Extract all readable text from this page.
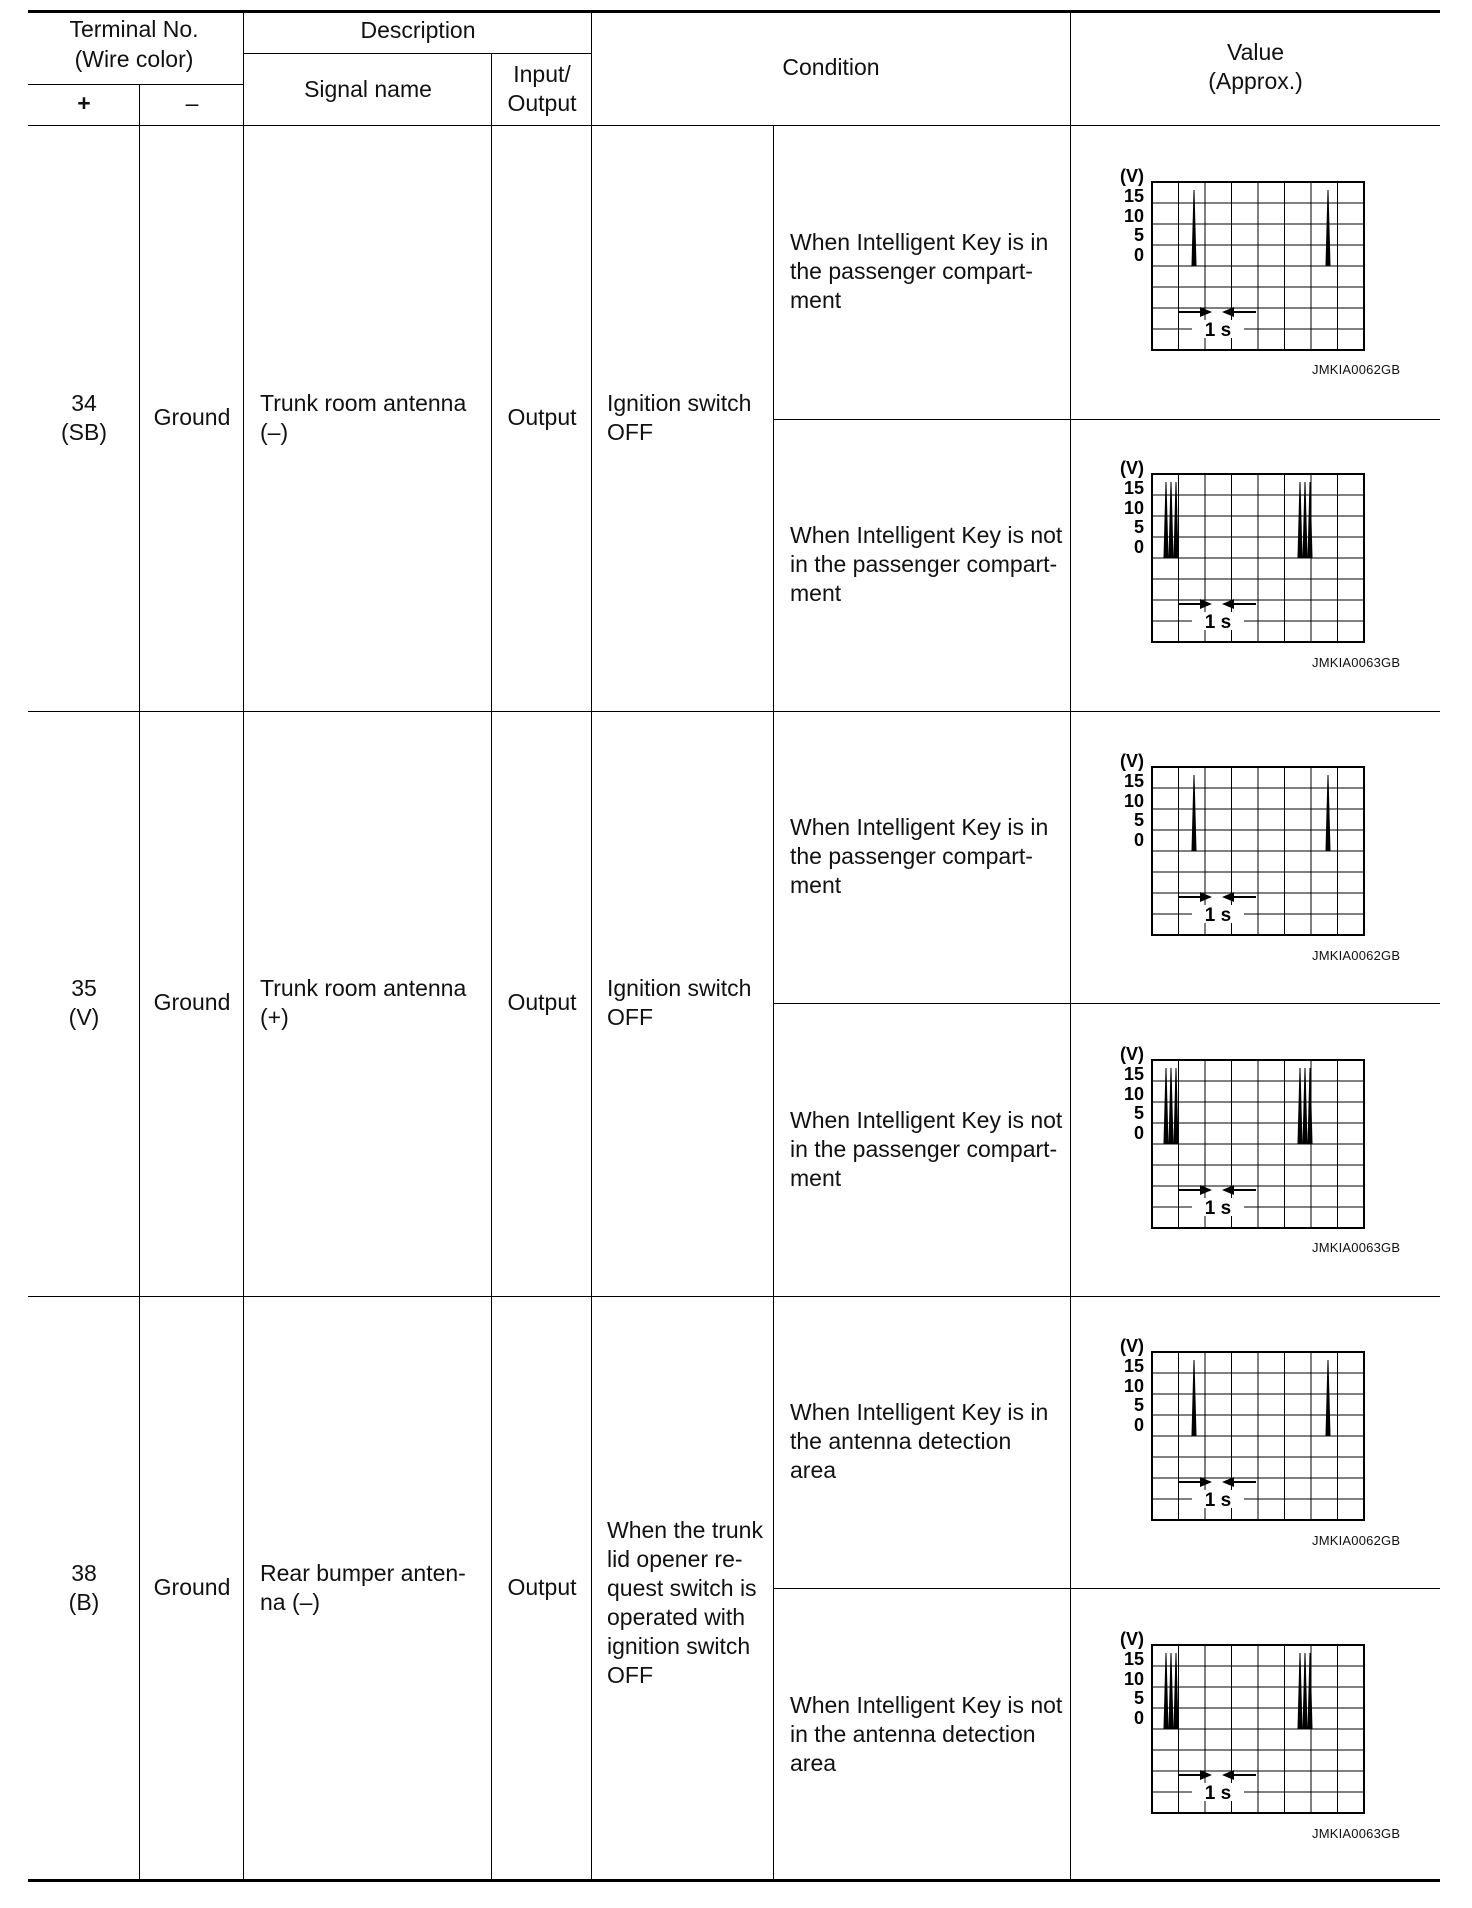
Terminal No.
(Wire color)
+	–
Description
Signal name
Input/
Output
Condition
Value
(Approx.)
34
(SB)
Ground
Trunk room antenna
(–)
Output
Ignition switch
OFF
When Intelligent Key is in
the passenger compart-
ment
When Intelligent Key is not
in the passenger compart-
ment
(V)
15
10
5
0
1 s
JMKIA0062GB
(V)
15
10
5
0
1 s
JMKIA0063GB
35
(V)
Ground
Trunk room antenna
(+)
Output
Ignition switch
OFF
When Intelligent Key is in
the passenger compart-
ment
When Intelligent Key is not
in the passenger compart-
ment
(V)
15
10
5
0
1 s
JMKIA0062GB
(V)
15
10
5
0
1 s
JMKIA0063GB
38
(B)
Ground
Rear bumper anten-
na (–)
Output
When the trunk
lid opener re-
quest switch is
operated with
ignition switch
OFF
When Intelligent Key is in
the antenna detection
area
When Intelligent Key is not
in the antenna detection
area
(V)
15
10
5
0
1 s
JMKIA0062GB
(V)
15
10
5
0
1 s
JMKIA0063GB
